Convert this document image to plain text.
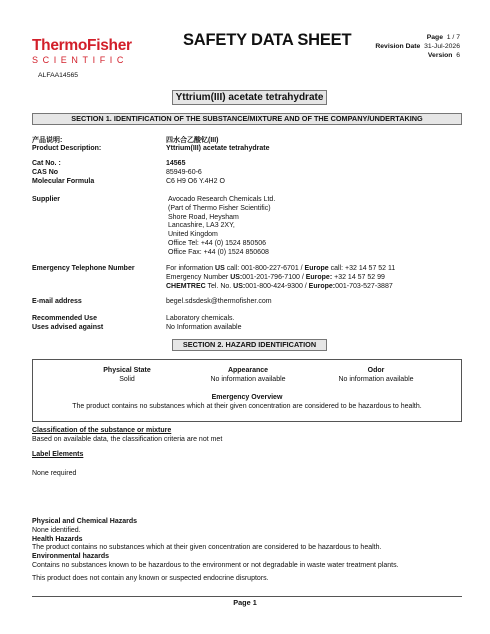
ThermoFisher
SCIENTIFIC
SAFETY DATA SHEET	Page 1 / 7
Revision Date 31-Jul-2026
Version 6
ALFAA14565
Yttrium(III) acetate tetrahydrate
SECTION 1. IDENTIFICATION OF THE SUBSTANCE/MIXTURE AND OF THE COMPANY/UNDERTAKING
产品说明:	四水合乙酸钇(III)
Product Description:	Yttrium(III) acetate tetrahydrate
Cat No. :	14565
CAS No	85949-60-6
Molecular Formula	C6 H9 O6 Y.4H2 O
Supplier	Avocado Research Chemicals Ltd.
(Part of Thermo Fisher Scientific)
Shore Road, Heysham
Lancashire, LA3 2XY,
United Kingdom
Office Tel: +44 (0) 1524 850506
Office Fax: +44 (0) 1524 850608
Emergency Telephone Number	For information US call: 001-800-227-6701 / Europe call: +32 14 57 52 11
Emergency Number US:001-201-796-7100 / Europe: +32 14 57 52 99
CHEMTREC Tel. No. US:001-800-424-9300 / Europe:001-703-527-3887
E-mail address	begel.sdsdesk@thermofisher.com
Recommended Use	Laboratory chemicals.
Uses advised against	No Information available
SECTION 2. HAZARD IDENTIFICATION
Physical State
Solid
Appearance
No information available
Odor
No information available
Emergency Overview
The product contains no substances which at their given concentration are considered to be hazardous to health.
Classification of the substance or mixture
Based on available data, the classification criteria are not met
Label Elements
None required
Physical and Chemical Hazards
None identified.
Health Hazards
The product contains no substances which at their given concentration are considered to be hazardous to health.
Environmental hazards
Contains no substances known to be hazardous to the environment or not degradable in waste water treatment plants.
This product does not contain any known or suspected endocrine disruptors.
Page 1
